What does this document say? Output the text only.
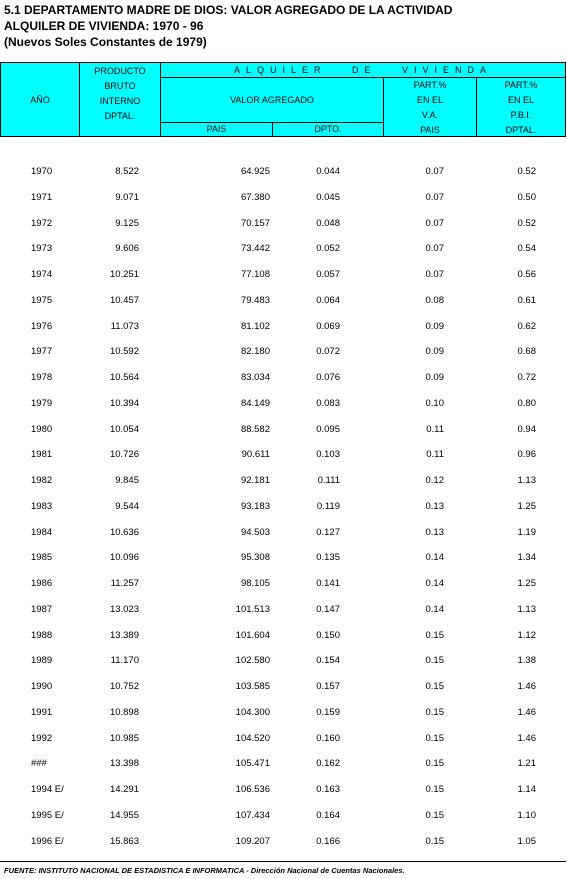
5.1 DEPARTAMENTO MADRE DE DIOS: VALOR AGREGADO DE LA ACTIVIDAD
ALQUILER DE VIVIENDA: 1970 - 96
(Nuevos Soles Constantes de 1979)
AÑO
PRODUCTO
BRUTO
INTERNO
DPTAL.
ALQUILER   DE   VIVIENDA
VALOR AGREGADO
PAIS	DPTO.
PART.%
EN EL
V.A.
PAIS
PART.%
EN EL
P.B.I.
DPTAL.
1970	8.522	64.925	0.044	0.07	0.52
1971	9.071	67.380	0.045	0.07	0.50
1972	9.125	70.157	0.048	0.07	0.52
1973	9.606	73.442	0.052	0.07	0.54
1974	10.251	77.108	0.057	0.07	0.56
1975	10.457	79.483	0.064	0.08	0.61
1976	11.073	81.102	0.069	0.09	0.62
1977	10.592	82.180	0.072	0.09	0.68
1978	10.564	83.034	0.076	0.09	0.72
1979	10.394	84.149	0.083	0.10	0.80
1980	10.054	88.582	0.095	0.11	0.94
1981	10.726	90.611	0.103	0.11	0.96
1982	9.845	92.181	0.111	0.12	1.13
1983	9.544	93.183	0.119	0.13	1.25
1984	10.636	94.503	0.127	0.13	1.19
1985	10.096	95.308	0.135	0.14	1.34
1986	11.257	98.105	0.141	0.14	1.25
1987	13.023	101.513	0.147	0.14	1.13
1988	13.389	101.604	0.150	0.15	1.12
1989	11.170	102.580	0.154	0.15	1.38
1990	10.752	103.585	0.157	0.15	1.46
1991	10.898	104.300	0.159	0.15	1.46
1992	10.985	104.520	0.160	0.15	1.46
###	13.398	105.471	0.162	0.15	1.21
1994 E/	14.291	106.536	0.163	0.15	1.14
1995 E/	14.955	107.434	0.164	0.15	1.10
1996 E/	15.863	109.207	0.166	0.15	1.05
FUENTE: INSTITUTO NACIONAL DE ESTADISTICA E INFORMATICA - Dirección Nacional de Cuentas Nacionales.
